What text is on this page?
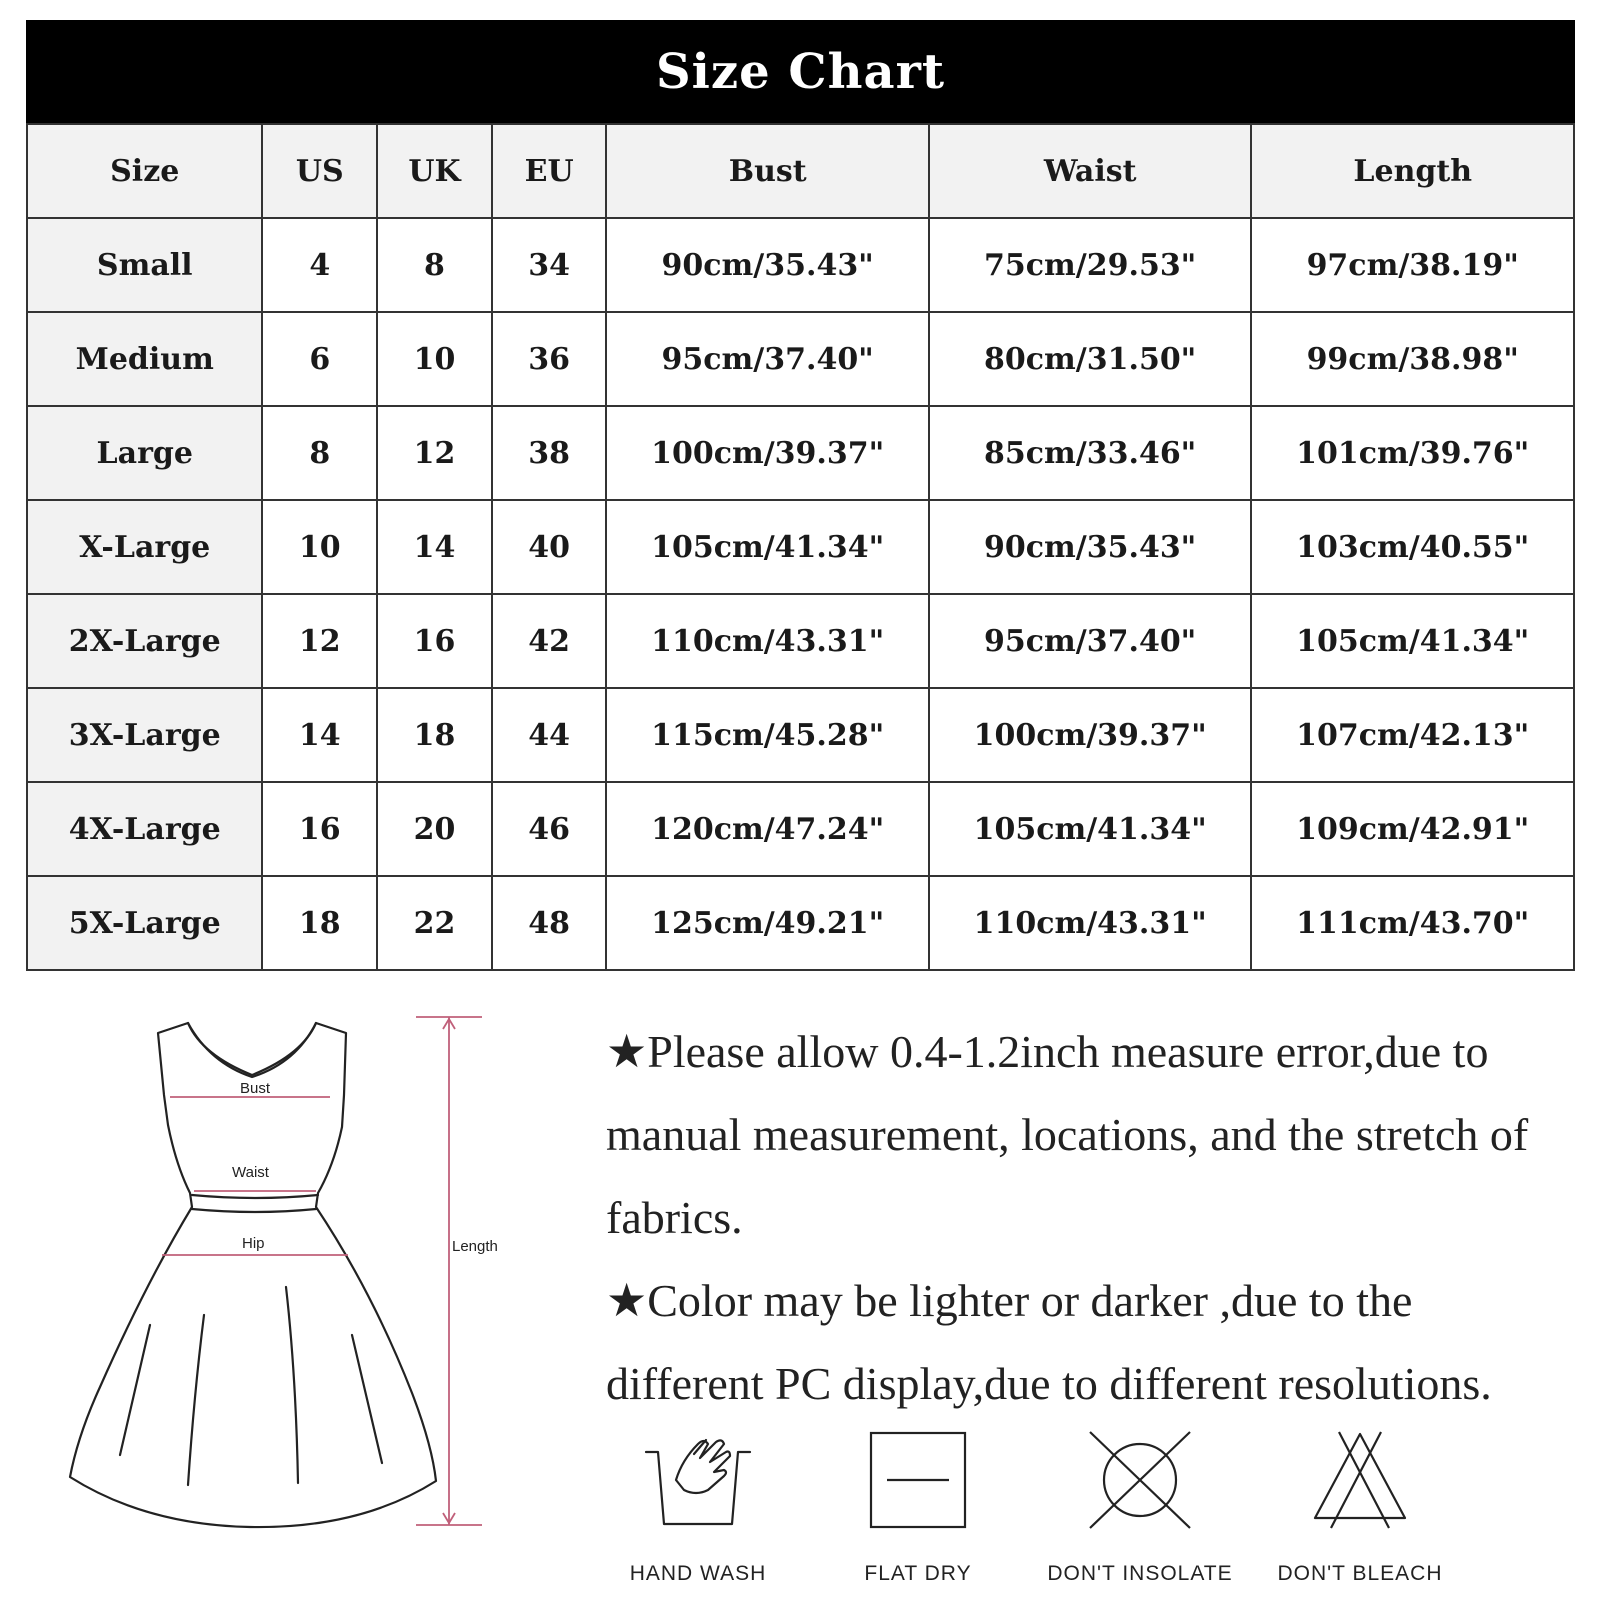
Size Chart
Size	US	UK	EU	Bust	Waist	Length
Small	4	8	34	90cm/35.43"	75cm/29.53"	97cm/38.19"
Medium	6	10	36	95cm/37.40"	80cm/31.50"	99cm/38.98"
Large	8	12	38	100cm/39.37"	85cm/33.46"	101cm/39.76"
X-Large	10	14	40	105cm/41.34"	90cm/35.43"	103cm/40.55"
2X-Large	12	16	42	110cm/43.31"	95cm/37.40"	105cm/41.34"
3X-Large	14	18	44	115cm/45.28"	100cm/39.37"	107cm/42.13"
4X-Large	16	20	46	120cm/47.24"	105cm/41.34"	109cm/42.91"
5X-Large	18	22	48	125cm/49.21"	110cm/43.31"	111cm/43.70"
Bust
Waist
Hip	Length

★Please allow 0.4-1.2inch measure error,due to manual measurement, locations, and the stretch of fabrics.

★Color may be lighter or darker ,due to the different PC display,due to different resolutions.

HAND WASH	FLAT DRY	DON'T INSOLATE	DON'T BLEACH
